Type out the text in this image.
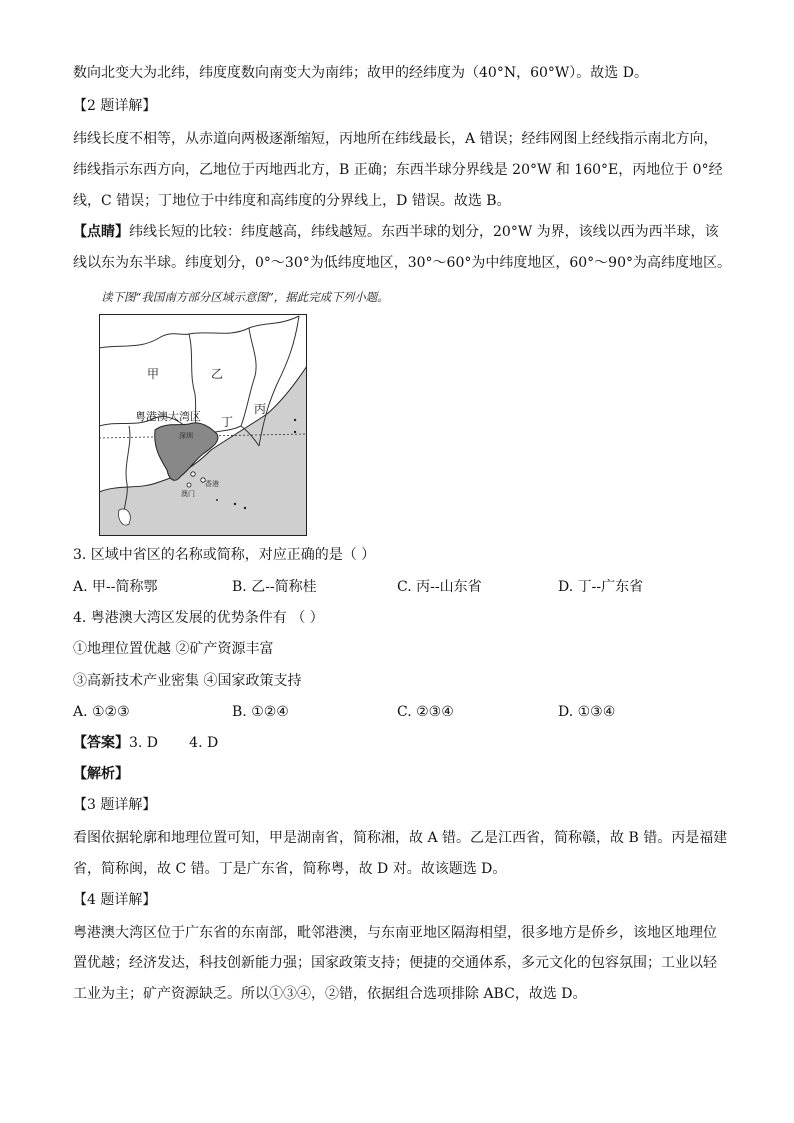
数向北变大为北纬，纬度度数向南变大为南纬；故甲的经纬度为（40°N，60°W）。故选 D。
【2 题详解】
纬线长度不相等，从赤道向两极逐渐缩短，丙地所在纬线最长，A 错误；经纬网图上经线指示南北方向，
纬线指示东西方向，乙地位于丙地西北方，B 正确；东西半球分界线是 20°W 和 160°E，丙地位于 0°经
线，C 错误；丁地位于中纬度和高纬度的分界线上，D 错误。故选 B。
【点睛】纬线长短的比较：纬度越高，纬线越短。东西半球的划分，20°W 为界，该线以西为西半球，该
线以东为东半球。纬度划分，0°～30°为低纬度地区，30°～60°为中纬度地区，60°～90°为高纬度地区。
读下图“我国南方部分区域示意图”，据此完成下列小题。
甲	乙
丙
丁
粤港澳大湾区
深圳
香港
澳门
3. 区域中省区的名称或简称，对应正确的是（ ）
A. 甲--简称鄂	B. 乙--简称桂	C. 丙--山东省	D. 丁--广东省
4. 粤港澳大湾区发展的优势条件有 （ ）
①地理位置优越 ②矿产资源丰富
③高新技术产业密集 ④国家政策支持
A. ①②③	B. ①②④	C. ②③④	D. ①③④
【答案】3. D       4. D
【解析】
【3 题详解】
看图依据轮廓和地理位置可知，甲是湖南省，简称湘，故 A 错。乙是江西省，简称赣，故 B 错。丙是福建
省，简称闽，故 C 错。丁是广东省，简称粤，故 D 对。故该题选 D。
【4 题详解】
粤港澳大湾区位于广东省的东南部，毗邻港澳，与东南亚地区隔海相望，很多地方是侨乡，该地区地理位
置优越；经济发达，科技创新能力强；国家政策支持；便捷的交通体系，多元文化的包容氛围；工业以轻
工业为主；矿产资源缺乏。所以①③④，②错，依据组合选项排除 ABC，故选 D。
